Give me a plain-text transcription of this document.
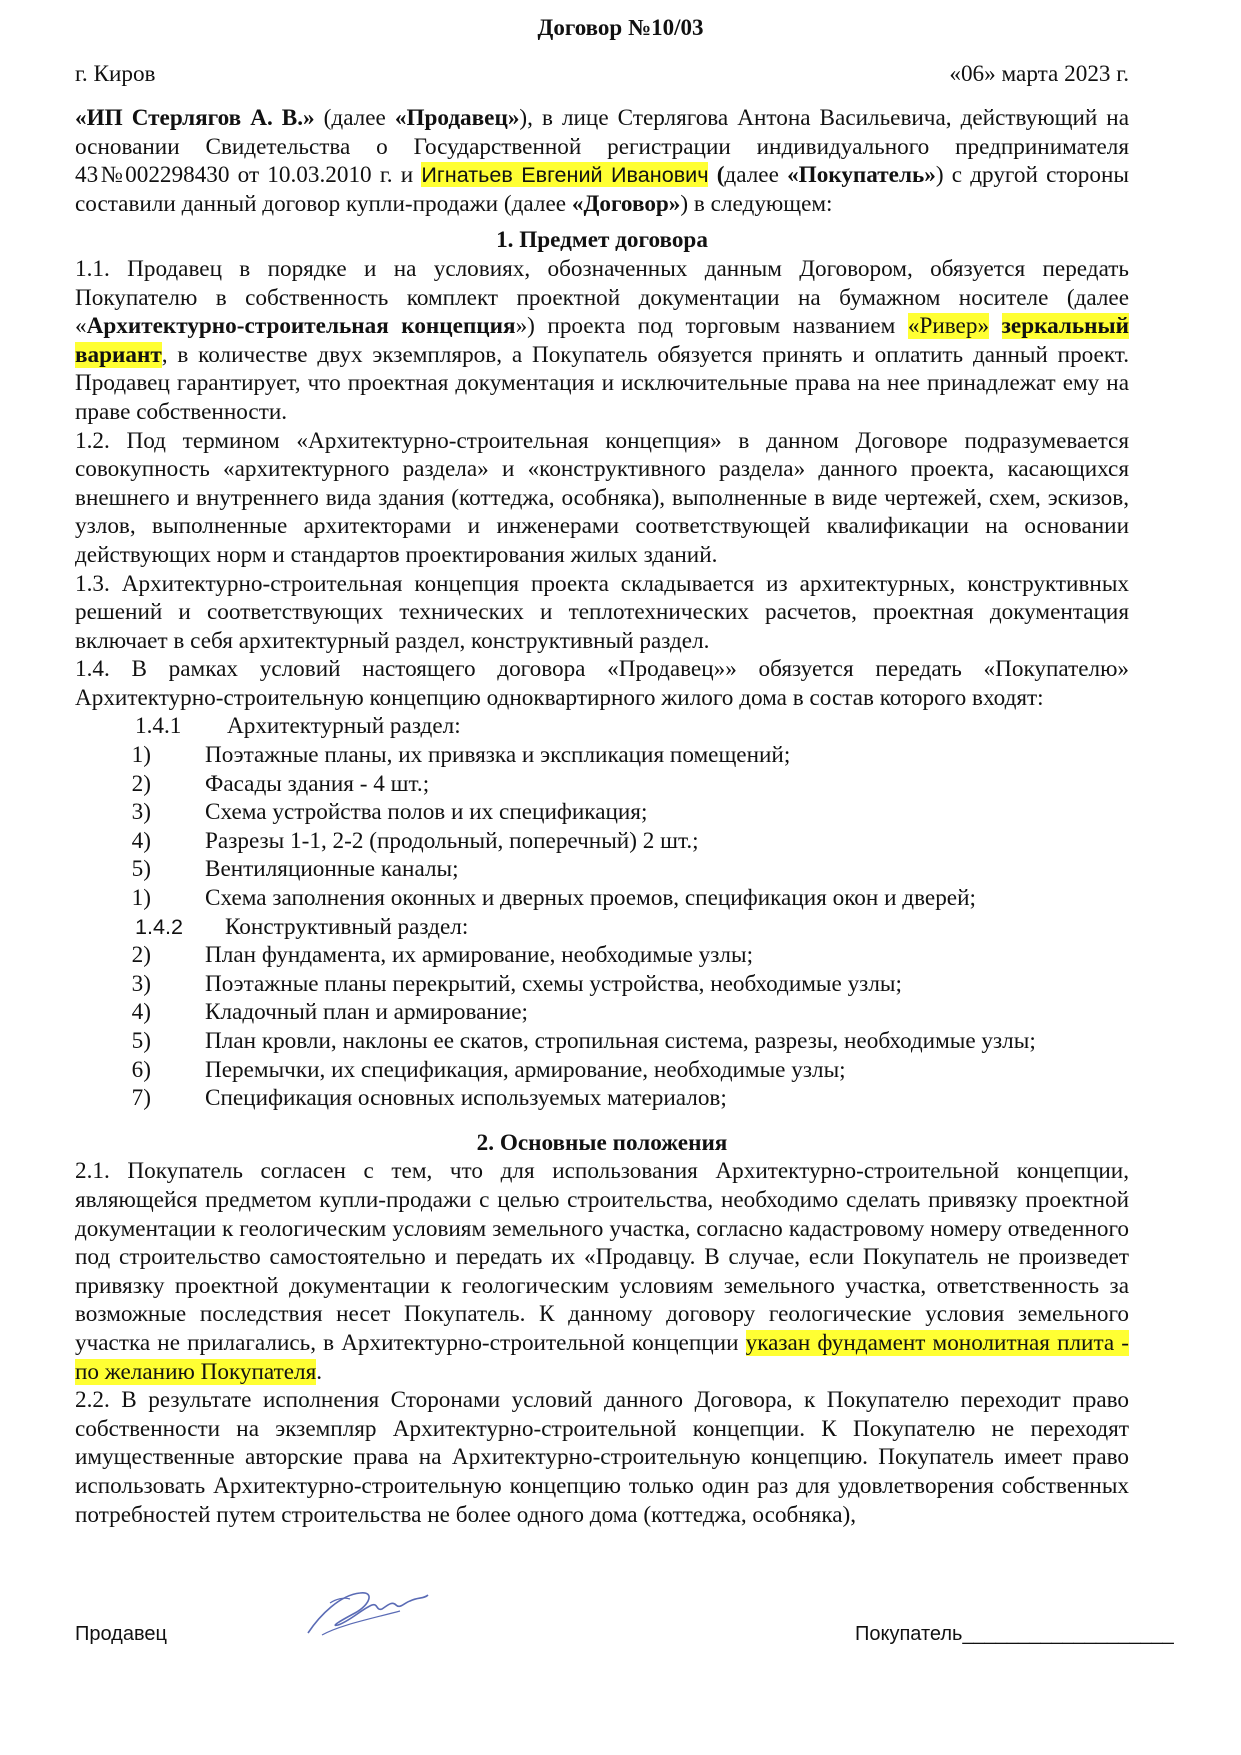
Договор №10/03
г. Киров	«06» марта 2023 г.

«ИП Стерлягов А. В.» (далее «Продавец»), в лице Стерлягова Антона Васильевича, действующий на основании Свидетельства о Государственной регистрации индивидуального предпринимателя 43№002298430 от 10.03.2010 г. и Игнатьев Евгений Иванович (далее «Покупатель») с другой стороны составили данный договор купли-продажи (далее «Договор») в следующем:

1. Предмет договора

1.1. Продавец в порядке и на условиях, обозначенных данным Договором, обязуется передать Покупателю в собственность комплект проектной документации на бумажном носителе (далее «Архитектурно-строительная концепция») проекта под торговым названием «Ривер» зеркальный вариант, в количестве двух экземпляров, а Покупатель обязуется принять и оплатить данный проект. Продавец гарантирует, что проектная документация и исключительные права на нее принадлежат ему на праве собственности.

1.2. Под термином «Архитектурно-строительная концепция» в данном Договоре подразумевается совокупность «архитектурного раздела» и «конструктивного раздела» данного проекта, касающихся внешнего и внутреннего вида здания (коттеджа, особняка), выполненные в виде чертежей, схем, эскизов, узлов, выполненные архитекторами и инженерами соответствующей квалификации на основании действующих норм и стандартов проектирования жилых зданий.

1.3. Архитектурно-строительная концепция проекта складывается из архитектурных, конструктивных решений и соответствующих технических и теплотехнических расчетов, проектная документация включает в себя архитектурный раздел, конструктивный раздел.

1.4. В рамках условий настоящего договора «Продавец»» обязуется передать «Покупателю» Архитектурно-строительную концепцию одноквартирного жилого дома в состав которого входят:

1.4.1 Архитектурный раздел:
1)	Поэтажные планы, их привязка и экспликация помещений;
2)	Фасады здания - 4 шт.;
3)	Схема устройства полов и их спецификация;
4)	Разрезы 1-1, 2-2 (продольный, поперечный) 2 шт.;
5)	Вентиляционные каналы;
1)	Схема заполнения оконных и дверных проемов, спецификация окон и дверей;
1.4.2 Конструктивный раздел:
2)	План фундамента, их армирование, необходимые узлы;
3)	Поэтажные планы перекрытий, схемы устройства, необходимые узлы;
4)	Кладочный план и армирование;
5)	План кровли, наклоны ее скатов, стропильная система, разрезы, необходимые узлы;
6)	Перемычки, их спецификация, армирование, необходимые узлы;
7)	Спецификация основных используемых материалов;
2. Основные положения

2.1. Покупатель согласен с тем, что для использования Архитектурно-строительной концепции, являющейся предметом купли-продажи с целью строительства, необходимо сделать привязку проектной документации к геологическим условиям земельного участка, согласно кадастровому номеру отведенного под строительство самостоятельно и передать их «Продавцу. В случае, если Покупатель не произведет привязку проектной документации к геологическим условиям земельного участка, ответственность за возможные последствия несет Покупатель. К данному договору геологические условия земельного участка не прилагались, в Архитектурно-строительной концепции указан фундамент монолитная плита - по желанию Покупателя.

2.2. В результате исполнения Сторонами условий данного Договора, к Покупателю переходит право собственности на экземпляр Архитектурно-строительной концепции. К Покупателю не переходят имущественные авторские права на Архитектурно-строительную концепцию. Покупатель имеет право использовать Архитектурно-строительную концепцию только один раз для удовлетворения собственных потребностей путем строительства не более одного дома (коттеджа, особняка),

Продавец	Покупатель___________________
